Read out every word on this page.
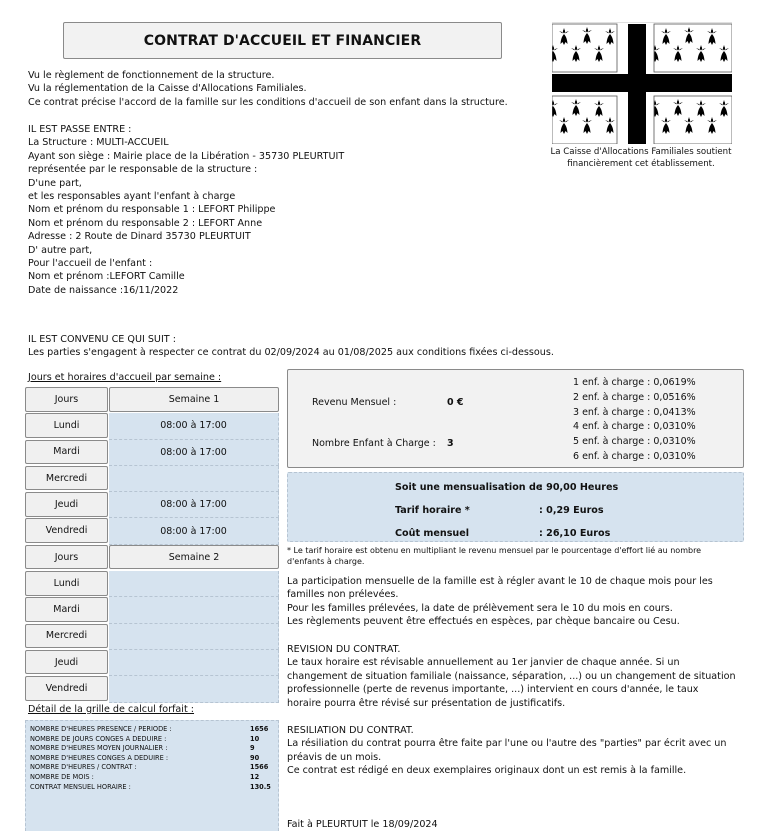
CONTRAT D'ACCUEIL ET FINANCIER
Vu le règlement de fonctionnement de la structure.
Vu la réglementation de la Caisse d'Allocations Familiales.
Ce contrat précise l'accord de la famille sur les conditions d'accueil de son enfant dans la structure.
La Caisse d'Allocations Familiales soutient
financièrement cet établissement.
IL EST PASSE ENTRE :
La Structure : MULTI-ACCUEIL
Ayant son siège : Mairie place de la Libération - 35730 PLEURTUIT
représentée par le responsable de la structure :
D'une part,
et les responsables ayant l'enfant à charge
Nom et prénom du responsable 1 : LEFORT Philippe
Nom et prénom du responsable 2 : LEFORT Anne
Adresse : 2 Route de Dinard 35730 PLEURTUIT
D' autre part,
Pour l'accueil de l'enfant :
Nom et prénom :LEFORT Camille
Date de naissance :16/11/2022
IL EST CONVENU CE QUI SUIT :
Les parties s'engagent à respecter ce contrat du 02/09/2024 au 01/08/2025 aux conditions fixées ci-dessous.
Jours et horaires d'accueil par semaine :
Jours	Semaine 1
Lundi	08:00 à 17:00
Mardi	08:00 à 17:00
Mercredi
Jeudi	08:00 à 17:00
Vendredi	08:00 à 17:00
Jours	Semaine 2
Lundi
Mardi
Mercredi
Jeudi
Vendredi
Détail de la grille de calcul forfait :
NOMBRE D'HEURES PRESENCE / PERIODE :	1656
NOMBRE DE JOURS CONGES A DEDUIRE :	10
NOMBRE D'HEURES MOYEN JOURNALIER :	9
NOMBRE D'HEURES CONGES A DEDUIRE :	90
NOMBRE D'HEURES / CONTRAT :	1566
NOMBRE DE MOIS :	12
CONTRAT MENSUEL HORAIRE :	130.5
Revenu Mensuel :	0 €
Nombre Enfant à Charge : 3
1 enf. à charge : 0,0619%
2 enf. à charge : 0,0516%
3 enf. à charge : 0,0413%
4 enf. à charge : 0,0310%
5 enf. à charge : 0,0310%
6 enf. à charge : 0,0310%
Soit une mensualisation de
: 90,00 Heures
Tarif horaire *	: 0,29 Euros
Coût mensuel	: 26,10 Euros
* Le tarif horaire est obtenu en multipliant le revenu mensuel par le pourcentage d'effort lié au nombre
d'enfants à charge.
La participation mensuelle de la famille est à régler avant le 10 de chaque mois pour les
familles non prélevées.
Pour les familles prélevées, la date de prélèvement sera le 10 du mois en cours.
Les règlements peuvent être effectués en espèces, par chèque bancaire ou Cesu.
REVISION DU CONTRAT.
Le taux horaire est révisable annuellement au 1er janvier de chaque année. Si un
changement de situation familiale (naissance, séparation, ...) ou un changement de situation
professionnelle (perte de revenus importante, ...) intervient en cours d'année, le taux
horaire pourra être révisé sur présentation de justificatifs.
RESILIATION DU CONTRAT.
La résiliation du contrat pourra être faite par l'une ou l'autre des "parties" par écrit avec un
préavis de un mois.
Ce contrat est rédigé en deux exemplaires originaux dont un est remis à la famille.
Fait à PLEURTUIT le 18/09/2024
